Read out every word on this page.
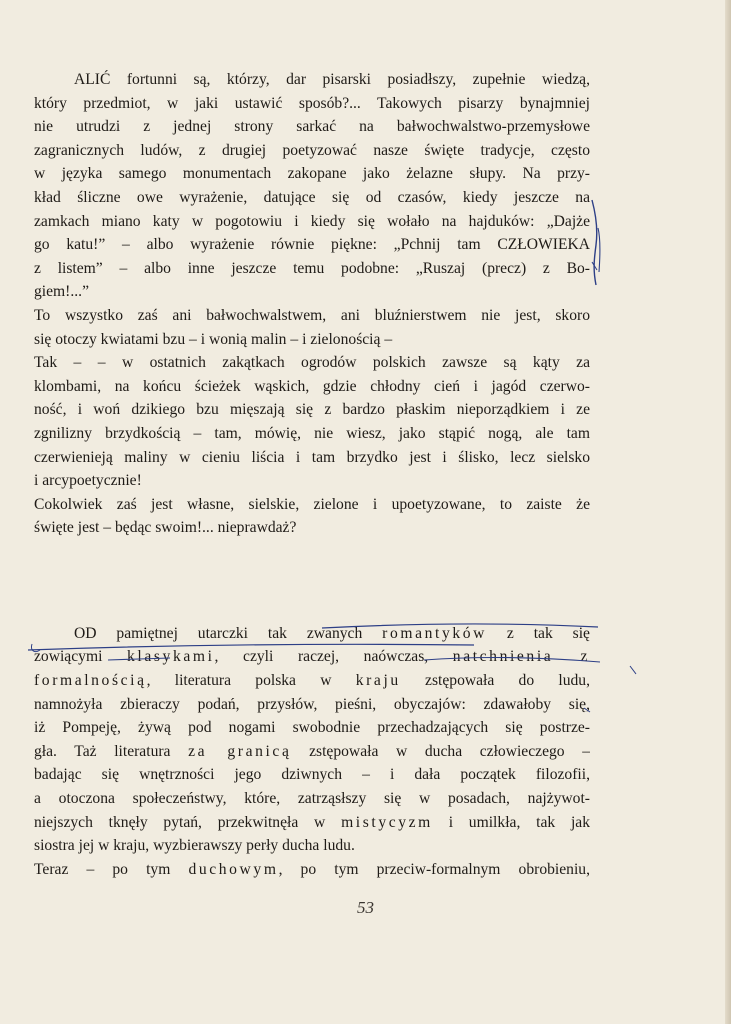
ALIĆ fortunni są, którzy, dar pisarski posiadłszy, zupełnie wiedzą,
który przedmiot, w jaki ustawić sposób?... Takowych pisarzy bynajmniej
nie utrudzi z jednej strony sarkać na bałwochwalstwo-przemysłowe
zagranicznych ludów, z drugiej poetyzować nasze święte tradycje, często
w języka samego monumentach zakopane jako żelazne słupy. Na przy-
kład śliczne owe wyrażenie, datujące się od czasów, kiedy jeszcze na
zamkach miano katy w pogotowiu i kiedy się wołało na hajduków: „Dajże
go katu!” – albo wyrażenie równie piękne: „Pchnij tam CZŁOWIEKA
z listem” – albo inne jeszcze temu podobne: „Ruszaj (precz) z Bo-
giem!...”
To wszystko zaś ani bałwochwalstwem, ani bluźnierstwem nie jest, skoro
się otoczy kwiatami bzu – i wonią malin – i zielonością –
Tak – – w ostatnich zakątkach ogrodów polskich zawsze są kąty za
klombami, na końcu ścieżek wąskich, gdzie chłodny cień i jagód czerwo-
ność, i woń dzikiego bzu mięszają się z bardzo płaskim nieporządkiem i ze
zgnilizny brzydkością – tam, mówię, nie wiesz, jako stąpić nogą, ale tam
czerwienieją maliny w cieniu liścia i tam brzydko jest i ślisko, lecz sielsko
i arcypoetycznie!
Cokolwiek zaś jest własne, sielskie, zielone i upoetyzowane, to zaiste że
święte jest – będąc swoim!... nieprawdaż?
OD pamiętnej utarczki tak zwanych romantyków z tak się
zowiącymi klasykami, czyli raczej, naówczas, natchnienia z
formalnością, literatura polska w kraju zstępowała do ludu,
namnożyła zbieraczy podań, przysłów, pieśni, obyczajów: zdawałoby się,
iż Pompeję, żywą pod nogami swobodnie przechadzających się postrze-
gła. Taż literatura za granicą zstępowała w ducha człowieczego –
badając się wnętrzności jego dziwnych – i dała początek filozofii,
a otoczona społeczeństwy, które, zatrząsłszy się w posadach, najżywot-
niejszych tknęły pytań, przekwitnęła w mistycyzm i umilkła, tak jak
siostra jej w kraju, wyzbierawszy perły ducha ludu.
Teraz – po tym duchowym, po tym przeciw-formalnym obrobieniu,
53
